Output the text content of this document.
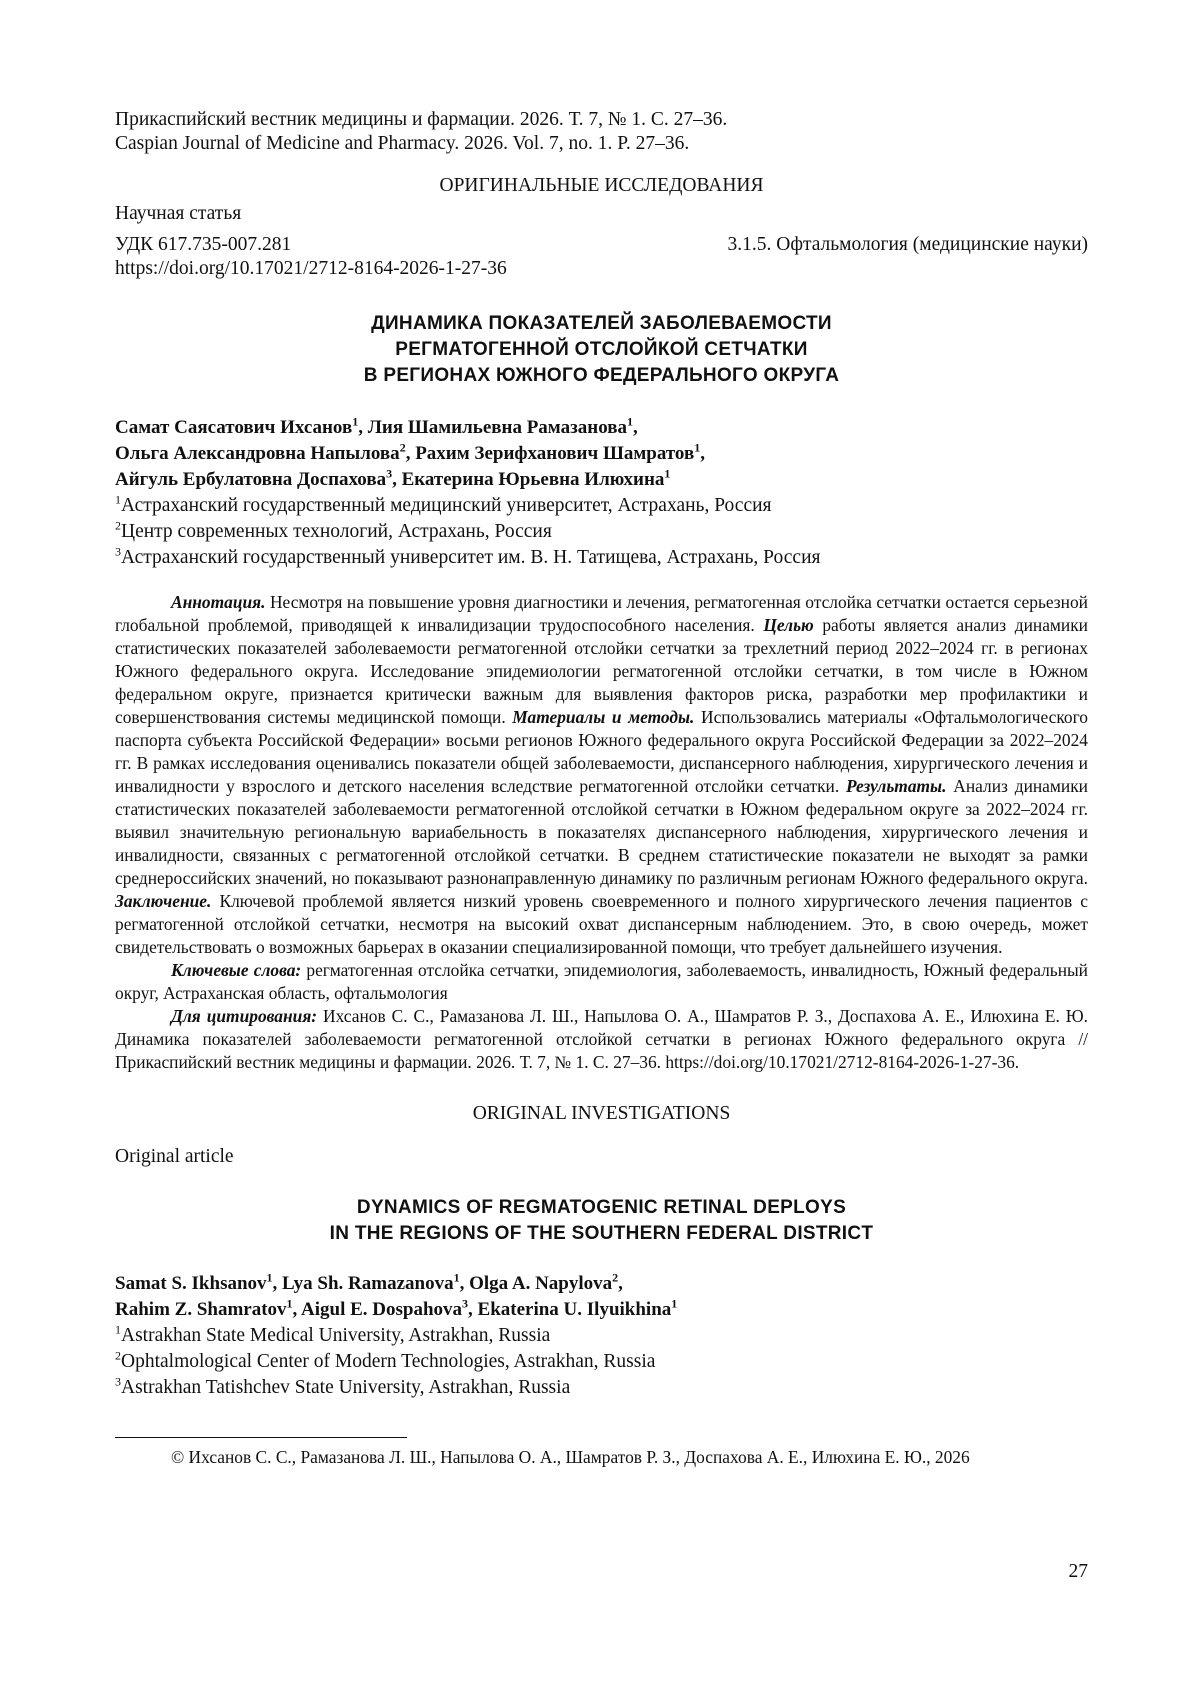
Прикаспийский вестник медицины и фармации. 2026. Т. 7, № 1. С. 27–36.
Caspian Journal of Medicine and Pharmacy. 2026. Vol. 7, no. 1. P. 27–36.
ОРИГИНАЛЬНЫЕ ИССЛЕДОВАНИЯ
Научная статья
УДК 617.735-007.281	3.1.5. Офтальмология (медицинские науки)
https://doi.org/10.17021/2712-8164-2026-1-27-36
ДИНАМИКА ПОКАЗАТЕЛЕЙ ЗАБОЛЕВАЕМОСТИ
РЕГМАТОГЕННОЙ ОТСЛОЙКОЙ СЕТЧАТКИ
В РЕГИОНАХ ЮЖНОГО ФЕДЕРАЛЬНОГО ОКРУГА
Самат Саясатович Ихсанов$^1$, Лия Шамильевна Рамазанова$^1$,
Ольга Александровна Напылова$^2$, Рахим Зерифханович Шамратов$^1$,
Айгуль Ербулатовна Доспахова$^3$, Екатерина Юрьевна Илюхина$^1$
$^1$Астраханский государственный медицинский университет, Астрахань, Россия
$^2$Центр современных технологий, Астрахань, Россия
$^3$Астраханский государственный университет им. В. Н. Татищева, Астрахань, Россия

Аннотация. Несмотря на повышение уровня диагностики и лечения, регматогенная отслойка сетчатки остается серьезной глобальной проблемой, приводящей к инвалидизации трудоспособного населения. Целью работы является анализ динамики статистических показателей заболеваемости регматогенной отслойки сетчатки за трехлетний период 2022–2024 гг. в регионах Южного федерального округа. Исследование эпидемиологии регматогенной отслойки сетчатки, в том числе в Южном федеральном округе, признается критически важным для выявления факторов риска, разработки мер профилактики и совершенствования системы медицинской помощи. Материалы и методы. Использовались материалы «Офтальмологического паспорта субъекта Российской Федерации» восьми регионов Южного федерального округа Российской Федерации за 2022–2024 гг. В рамках исследования оценивались показатели общей заболеваемости, диспансерного наблюдения, хирургического лечения и инвалидности у взрослого и детского населения вследствие регматогенной отслойки сетчатки. Результаты. Анализ динамики статистических показателей заболеваемости регматогенной отслойкой сетчатки в Южном федеральном округе за 2022–2024 гг. выявил значительную региональную вариабельность в показателях диспансерного наблюдения, хирургического лечения и инвалидности, связанных с регматогенной отслойкой сетчатки. В среднем статистические показатели не выходят за рамки среднероссийских значений, но показывают разнонаправленную динамику по различным регионам Южного федерального округа. Заключение. Ключевой проблемой является низкий уровень своевременного и полного хирургического лечения пациентов с регматогенной отслойкой сетчатки, несмотря на высокий охват диспансерным наблюдением. Это, в свою очередь, может свидетельствовать о возможных барьерах в оказании специализированной помощи, что требует дальнейшего изучения.

Ключевые слова: регматогенная отслойка сетчатки, эпидемиология, заболеваемость, инвалидность, Южный федеральный округ, Астраханская область, офтальмология

Для цитирования: Ихсанов С. С., Рамазанова Л. Ш., Напылова О. А., Шамратов Р. З., Доспахова А. Е., Илюхина Е. Ю. Динамика показателей заболеваемости регматогенной отслойкой сетчатки в регионах Южного федерального округа // Прикаспийский вестник медицины и фармации. 2026. Т. 7, № 1. С. 27–36. https://doi.org/10.17021/2712-8164-2026-1-27-36.

ORIGINAL INVESTIGATIONS
Original article
DYNAMICS OF REGMATOGENIC RETINAL DEPLOYS
IN THE REGIONS OF THE SOUTHERN FEDERAL DISTRICT
Samat S. Ikhsanov$^1$, Lya Sh. Ramazanova$^1$, Olga A. Napylova$^2$,
Rahim Z. Shamratov$^1$, Aigul E. Dospahova$^3$, Ekaterina U. Ilyuikhina$^1$
$^1$Astrakhan State Medical University, Astrakhan, Russia
$^2$Ophtalmological Center of Modern Technologies, Astrakhan, Russia
$^3$Astrakhan Tatishchev State University, Astrakhan, Russia
© Ихсанов С. С., Рамазанова Л. Ш., Напылова О. А., Шамратов Р. З., Доспахова А. Е., Илюхина Е. Ю., 2026
27
